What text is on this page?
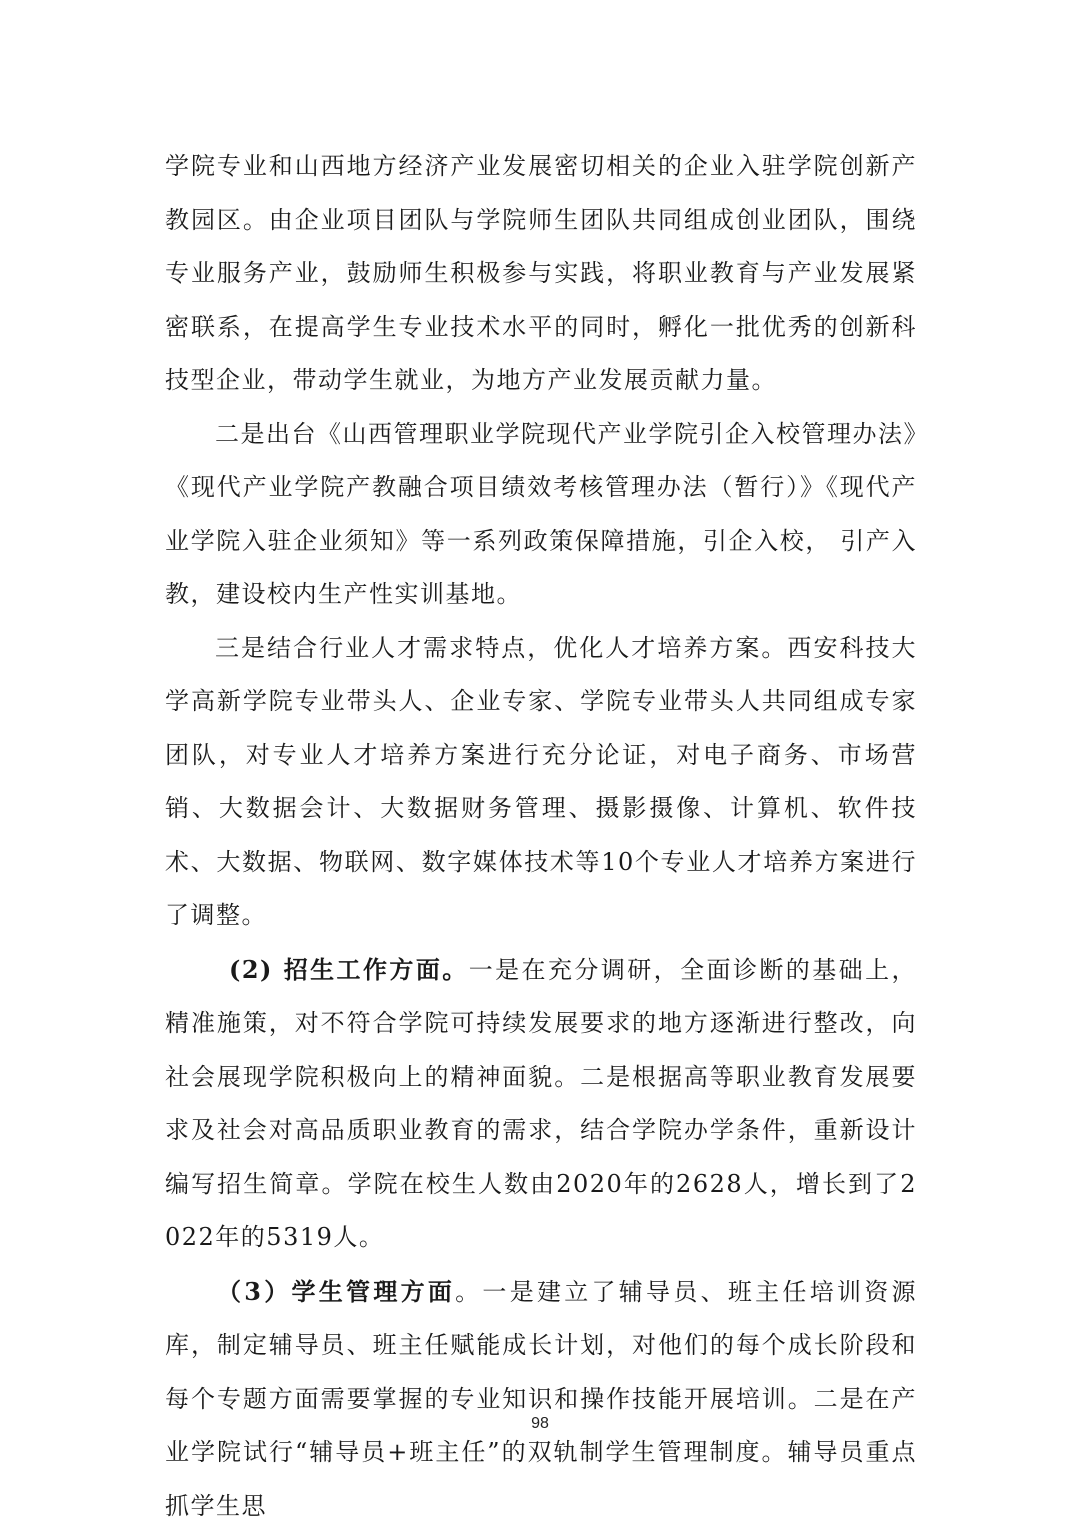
学院专业和山西地方经济产业发展密切相关的企业入驻学院创新产教园区。由企业项目团队与学院师生团队共同组成创业团队，围绕专业服务产业，鼓励师生积极参与实践，将职业教育与产业发展紧密联系，在提高学生专业技术水平的同时，孵化一批优秀的创新科技型企业，带动学生就业，为地方产业发展贡献力量。

二是出台《山西管理职业学院现代产业学院引企入校管理办法》《现代产业学院产教融合项目绩效考核管理办法（暂行）》《现代产业学院入驻企业须知》等一系列政策保障措施，引企入校， 引产入教，建设校内生产性实训基地。

三是结合行业人才需求特点，优化人才培养方案。西安科技大学高新学院专业带头人、企业专家、学院专业带头人共同组成专家团队，对专业人才培养方案进行充分论证，对电子商务、市场营销、大数据会计、大数据财务管理、摄影摄像、计算机、软件技术、大数据、物联网、数字媒体技术等10个专业人才培养方案进行了调整。

(2) 招生工作方面。一是在充分调研，全面诊断的基础上，精准施策，对不符合学院可持续发展要求的地方逐渐进行整改，向社会展现学院积极向上的精神面貌。二是根据高等职业教育发展要求及社会对高品质职业教育的需求，结合学院办学条件，重新设计编写招生简章。学院在校生人数由2020年的2628人，增长到了2022年的5319人。

（3）学生管理方面。一是建立了辅导员、班主任培训资源库，制定辅导员、班主任赋能成长计划，对他们的每个成长阶段和每个专题方面需要掌握的专业知识和操作技能开展培训。二是在产业学院试行“辅导员+班主任”的双轨制学生管理制度。辅导员重点抓学生思

98
